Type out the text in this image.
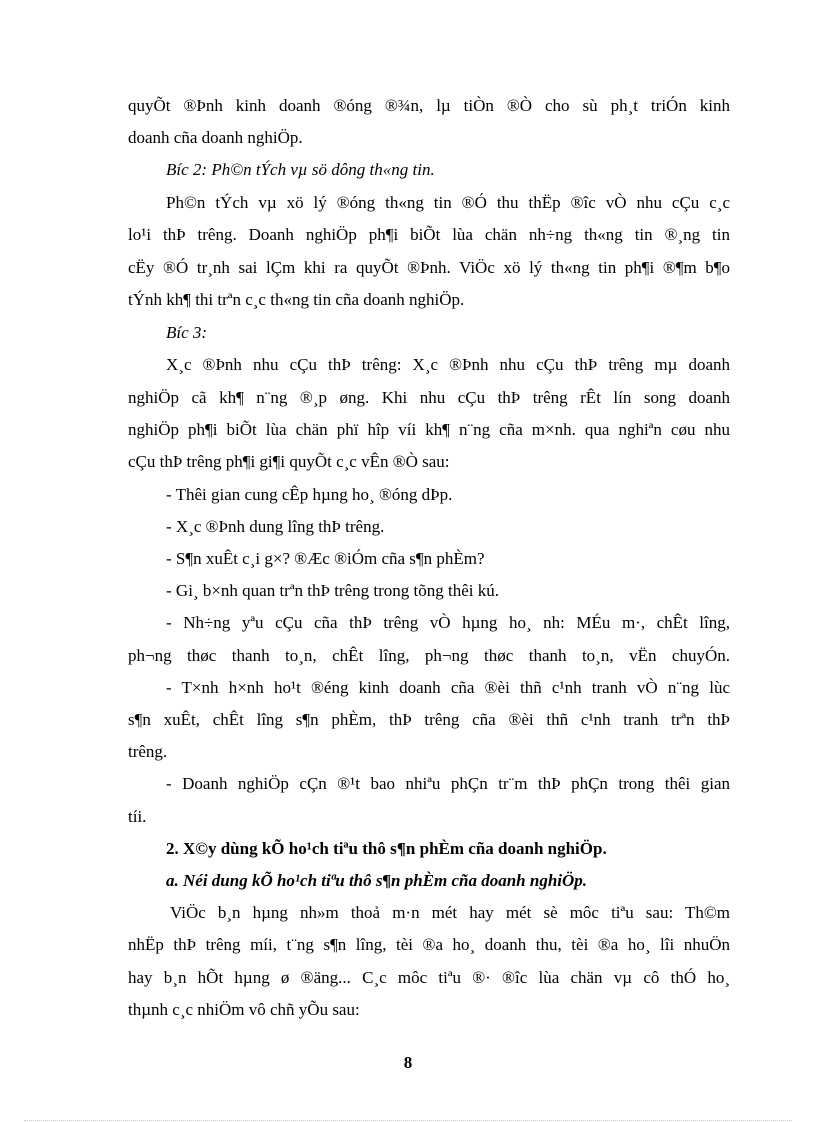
quyÕt ®Þnh kinh doanh ®óng ®¾n, lµ tiÒn ®Ò cho sù ph¸t triÓn kinh
doanh cña doanh nghiÖp.
Bíc 2: Ph©n tÝch vµ sö dông th«ng tin.
Ph©n tÝch vµ xö lý ®óng th«ng tin ®Ó thu thËp ®îc vÒ nhu cÇu c¸c
lo¹i thÞ trêng. Doanh nghiÖp ph¶i biÕt lùa chän nh÷ng th«ng tin ®¸ng tin
cËy ®Ó tr¸nh sai lÇm khi ra quyÕt ®Þnh. ViÖc xö lý th«ng tin ph¶i ®¶m b¶o
tÝnh kh¶ thi trªn c¸c th«ng tin cña doanh nghiÖp.
Bíc 3:
X¸c ®Þnh nhu cÇu thÞ trêng: X¸c ®Þnh nhu cÇu thÞ trêng mµ doanh
nghiÖp cã kh¶ n¨ng ®¸p øng. Khi nhu cÇu thÞ trêng rÊt lín song doanh
nghiÖp ph¶i biÕt lùa chän phï hîp víi kh¶ n¨ng cña m×nh. qua nghiªn cøu nhu
cÇu thÞ trêng ph¶i gi¶i quyÕt c¸c vÊn ®Ò sau:
- Thêi gian cung cÊp hµng ho¸ ®óng dÞp.
- X¸c ®Þnh dung lîng thÞ trêng.
- S¶n xuÊt c¸i g×? ®Æc ®iÓm cña s¶n phÈm?
- Gi¸ b×nh quan trªn thÞ trêng trong tõng thêi kú.
- Nh÷ng yªu cÇu cña thÞ trêng vÒ hµng ho¸ nh: MÉu m·, chÊt lîng,
ph¬ng thøc thanh to¸n, chÊt lîng, ph¬ng thøc thanh to¸n, vËn chuyÓn.
- T×nh h×nh ho¹t ®éng kinh doanh cña ®èi thñ c¹nh tranh vÒ n¨ng lùc
s¶n xuÊt, chÊt lîng s¶n phÈm, thÞ trêng cña ®èi thñ c¹nh tranh trªn thÞ
trêng.
- Doanh nghiÖp cÇn ®¹t bao nhiªu phÇn tr¨m thÞ phÇn trong thêi gian
tíi.
2. X©y dùng kÕ ho¹ch tiªu thô s¶n phÈm cña doanh nghiÖp.
a. Néi dung kÕ ho¹ch tiªu thô s¶n phÈm cña doanh nghiÖp.
ViÖc b¸n hµng nh»m thoả m·n mét hay mét sè môc tiªu sau: Th©m
nhËp thÞ trêng míi, t¨ng s¶n lîng, tèi ®a ho¸ doanh thu, tèi ®a ho¸ lîi nhuÖn
hay b¸n hÕt hµng ø ®äng... C¸c môc tiªu ®· ®îc lùa chän vµ cô thÓ ho¸
thµnh c¸c nhiÖm vô chñ yÕu sau:
8
